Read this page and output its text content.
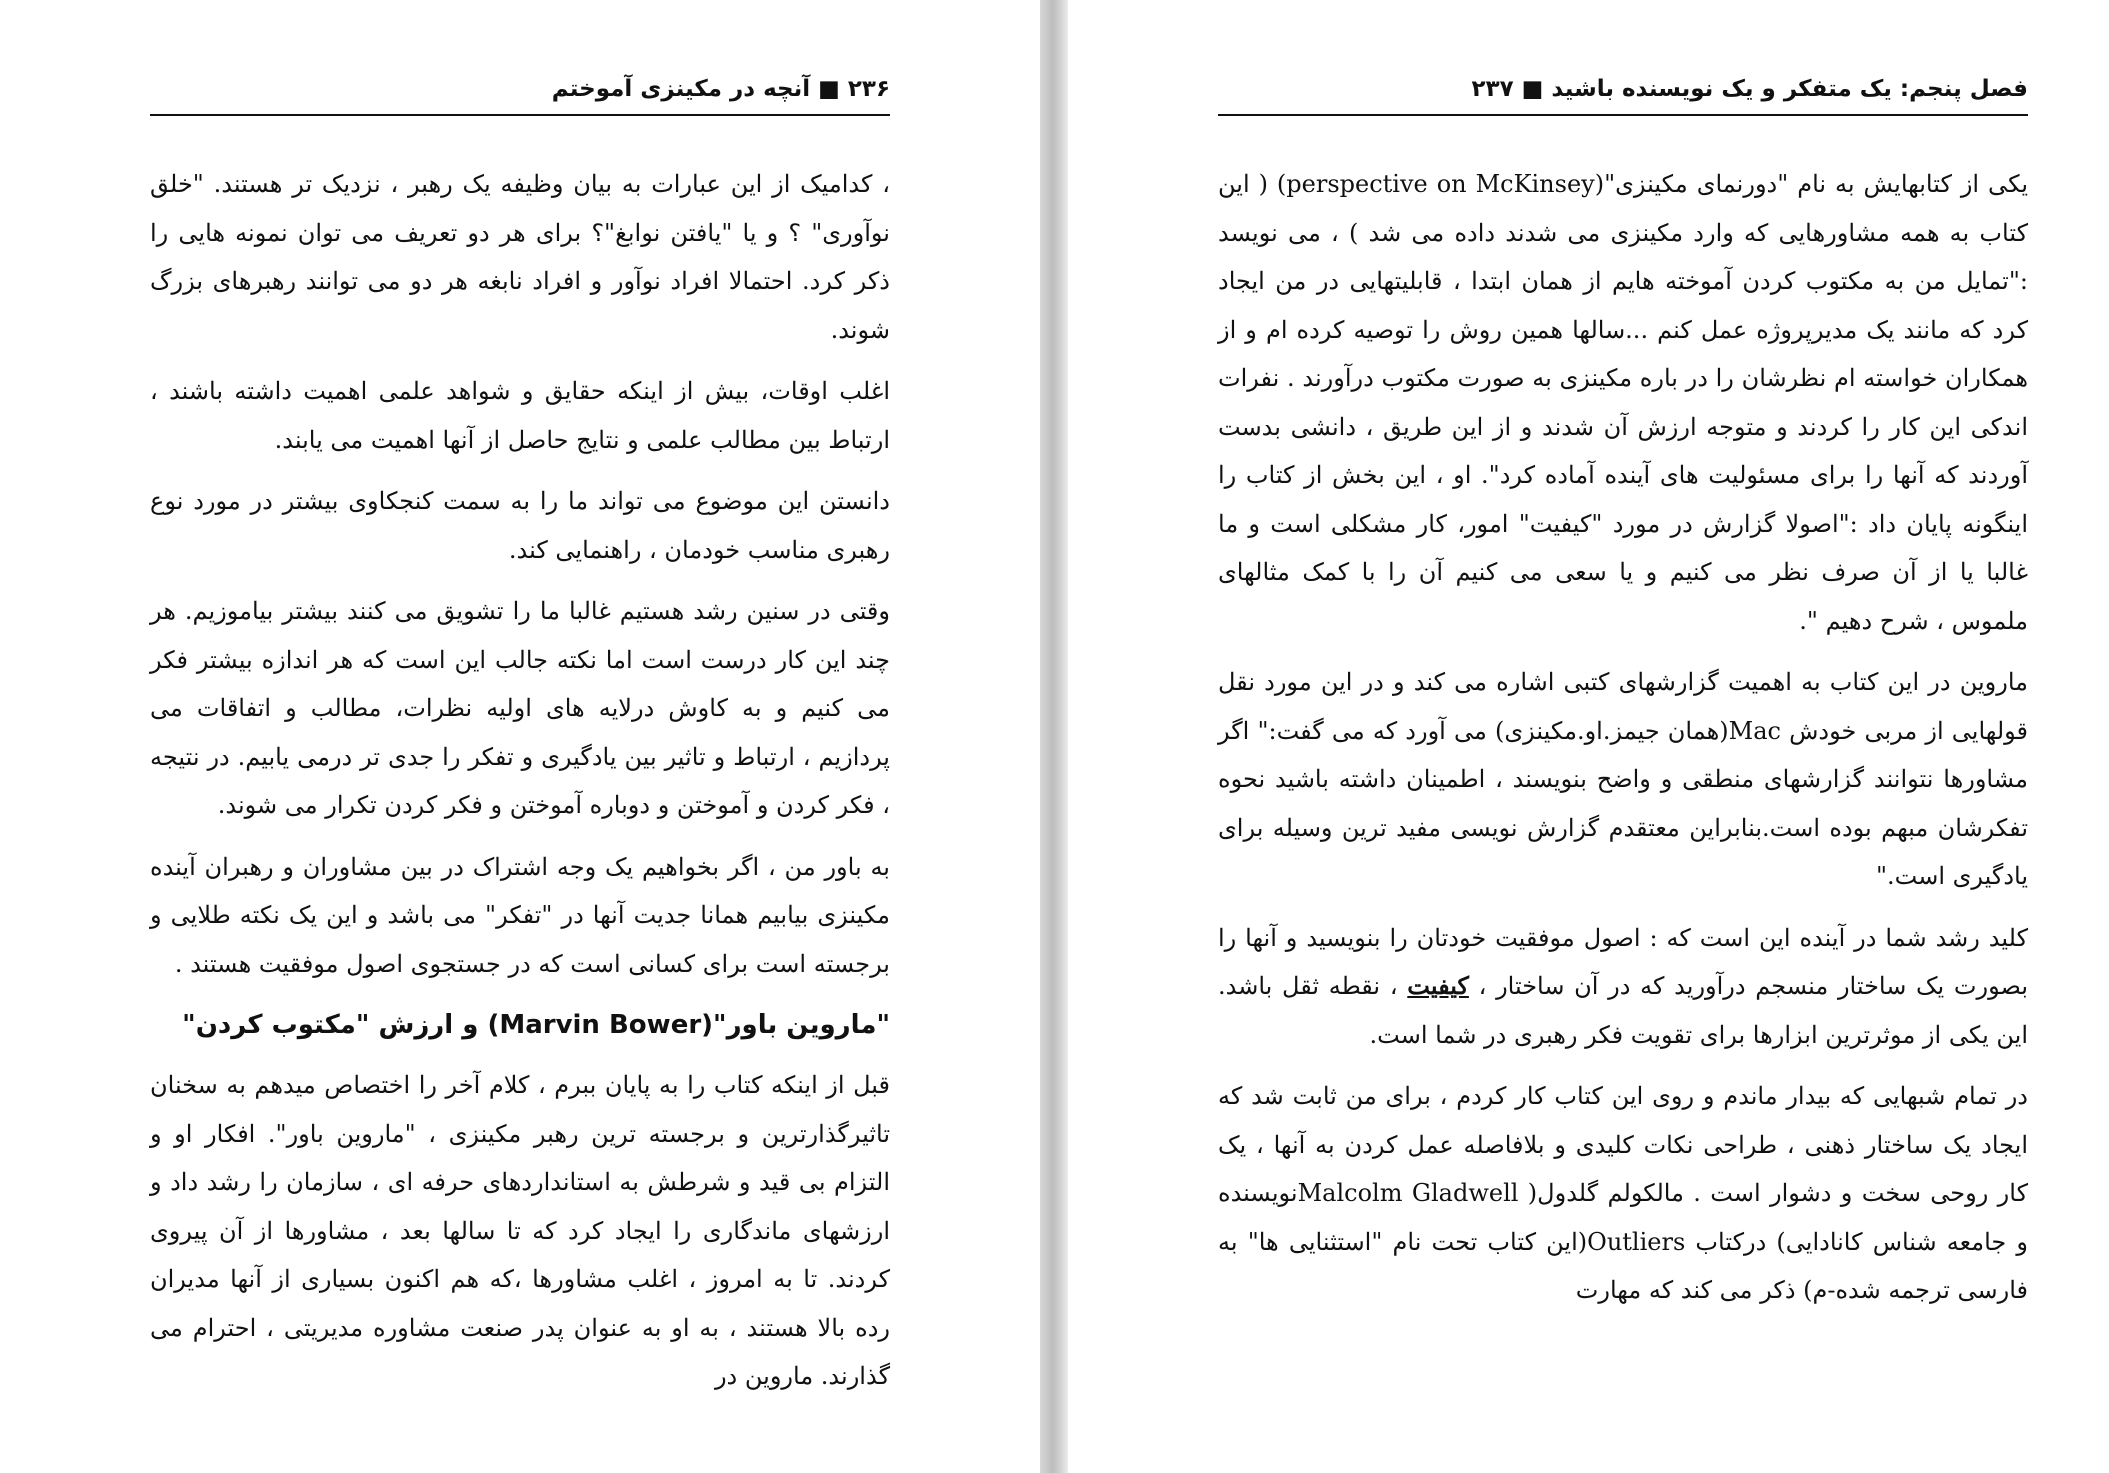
۲۳۶ ■ آنچه در مکینزی آموختم

، کدامیک از این عبارات به بیان وظیفه یک رهبر ، نزدیک تر هستند. "خلق نوآوری" ؟ و یا "یافتن نوابغ"؟ برای هر دو تعریف می توان نمونه هایی را ذکر کرد. احتمالا افراد نوآور و افراد نابغه هر دو می توانند رهبرهای بزرگ شوند.

اغلب اوقات، بیش از اینکه حقایق و شواهد علمی اهمیت داشته باشند ، ارتباط بین مطالب علمی و نتایج حاصل از آنها اهمیت می یابند.

دانستن این موضوع می تواند ما را به سمت کنجکاوی بیشتر در مورد نوع رهبری مناسب خودمان ، راهنمایی کند.

وقتی در سنین رشد هستیم غالبا ما را تشویق می کنند بیشتر بیاموزیم. هر چند این کار درست است اما نکته جالب این است که هر اندازه بیشتر فکر می کنیم و به کاوش درلایه های اولیه نظرات، مطالب و اتفاقات می پردازیم ، ارتباط و تاثیر بین یادگیری و تفکر را جدی تر درمی یابیم. در نتیجه ، فکر کردن و آموختن و دوباره آموختن و فکر کردن تکرار می شوند.

به باور من ، اگر بخواهیم یک وجه اشتراک در بین مشاوران و رهبران آینده مکینزی بیابیم همانا جدیت آنها در "تفکر" می باشد و این یک نکته طلایی و برجسته است برای کسانی است که در جستجوی اصول موفقیت هستند .

"ماروین باور"(Marvin Bower) و ارزش "مکتوب کردن"

قبل از اینکه کتاب را به پایان ببرم ، کلام آخر را اختصاص میدهم به سخنان تاثیرگذارترین و برجسته ترین رهبر مکینزی ، "ماروین باور". افکار او و التزام بی قید و شرطش به استانداردهای حرفه ای ، سازمان را رشد داد و ارزشهای ماندگاری را ایجاد کرد که تا سالها بعد ، مشاورها از آن پیروی کردند. تا به امروز ، اغلب مشاورها ،که هم اکنون بسیاری از آنها مدیران رده بالا هستند ، به او به عنوان پدر صنعت مشاوره مدیریتی ، احترام می گذارند. ماروین در

فصل پنجم: یک متفکر و یک نویسنده باشید ■ ۲۳۷

یکی از کتابهایش به نام "دورنمای مکینزی"(perspective on McKinsey) ( این کتاب به همه مشاورهایی که وارد مکینزی می شدند داده می شد ) ، می نویسد :"تمایل من به مکتوب کردن آموخته هایم از همان ابتدا ، قابلیتهایی در من ایجاد کرد که مانند یک مدیرپروژه عمل کنم ...سالها همین روش را توصیه کرده ام و از همکاران خواسته ام نظرشان را در باره مکینزی به صورت مکتوب درآورند . نفرات اندکی این کار را کردند و متوجه ارزش آن شدند و از این طریق ، دانشی بدست آوردند که آنها را برای مسئولیت های آینده آماده کرد". او ، این بخش از کتاب را اینگونه پایان داد :"اصولا گزارش در مورد "کیفیت" امور، کار مشکلی است و ما غالبا یا از آن صرف نظر می کنیم و یا سعی می کنیم آن را با کمک مثالهای ملموس ، شرح دهیم ".

ماروین در این کتاب به اهمیت گزارشهای کتبی اشاره می کند و در این مورد نقل قولهایی از مربی خودش Mac(همان جیمز.او.مکینزی) می آورد که می گفت:" اگر مشاورها نتوانند گزارشهای منطقی و واضح بنویسند ، اطمینان داشته باشید نحوه تفکرشان مبهم بوده است.بنابراین معتقدم گزارش نویسی مفید ترین وسیله برای یادگیری است."

کلید رشد شما در آینده این است که : اصول موفقیت خودتان را بنویسید و آنها را بصورت یک ساختار منسجم درآورید که در آن ساختار ، کیفیت ، نقطه ثقل باشد. این یکی از موثرترین ابزارها برای تقویت فکر رهبری در شما است.

در تمام شبهایی که بیدار ماندم و روی این کتاب کار کردم ، برای من ثابت شد که ایجاد یک ساختار ذهنی ، طراحی نکات کلیدی و بلافاصله عمل کردن به آنها ، یک کار روحی سخت و دشوار است . مالکولم گلدول( Malcolm Gladwellنویسنده و جامعه شناس کانادایی) درکتاب Outliers(این کتاب تحت نام "استثنایی ها" به فارسی ترجمه شده-م) ذکر می کند که مهارت
